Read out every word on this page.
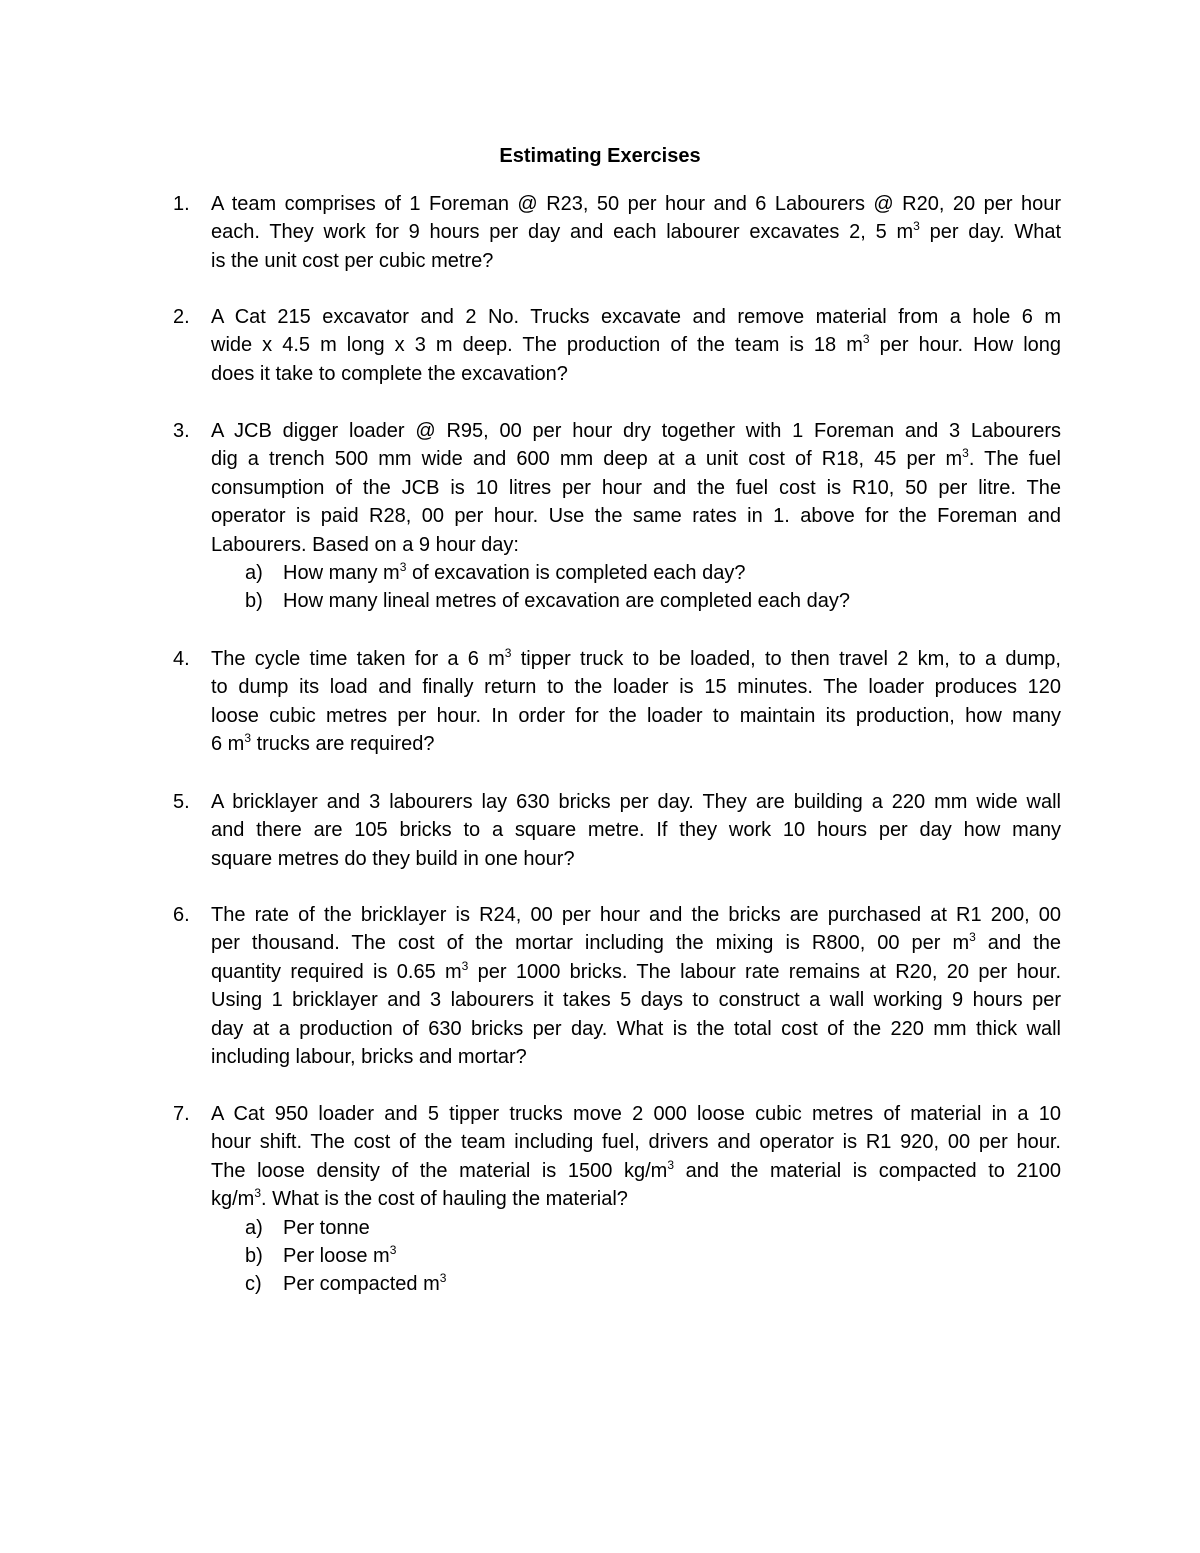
Estimating Exercises
1. A team comprises of 1 Foreman @ R23, 50 per hour and 6 Labourers @ R20, 20 per hour
each. They work for 9 hours per day and each labourer excavates 2, 5 $m^3$ per day. What
is the unit cost per cubic metre?
2. A Cat 215 excavator and 2 No. Trucks excavate and remove material from a hole 6 m
wide x 4.5 m long x 3 m deep. The production of the team is 18 $m^3$ per hour. How long
does it take to complete the excavation?
3. A JCB digger loader @ R95, 00 per hour dry together with 1 Foreman and 3 Labourers
dig a trench 500 mm wide and 600 mm deep at a unit cost of R18, 45 per $m^3$. The fuel
consumption of the JCB is 10 litres per hour and the fuel cost is R10, 50 per litre. The
operator is paid R28, 00 per hour. Use the same rates in 1. above for the Foreman and
Labourers. Based on a 9 hour day:
a) How many $m^3$ of excavation is completed each day?
b) How many lineal metres of excavation are completed each day?
4. The cycle time taken for a 6 $m^3$ tipper truck to be loaded, to then travel 2 km, to a dump,
to dump its load and finally return to the loader is 15 minutes. The loader produces 120
loose cubic metres per hour. In order for the loader to maintain its production, how many
6 $m^3$ trucks are required?
5. A bricklayer and 3 labourers lay 630 bricks per day. They are building a 220 mm wide wall
and there are 105 bricks to a square metre. If they work 10 hours per day how many
square metres do they build in one hour?
6. The rate of the bricklayer is R24, 00 per hour and the bricks are purchased at R1 200, 00
per thousand. The cost of the mortar including the mixing is R800, 00 per $m^3$ and the
quantity required is 0.65 $m^3$ per 1000 bricks. The labour rate remains at R20, 20 per hour.
Using 1 bricklayer and 3 labourers it takes 5 days to construct a wall working 9 hours per
day at a production of 630 bricks per day. What is the total cost of the 220 mm thick wall
including labour, bricks and mortar?
7. A Cat 950 loader and 5 tipper trucks move 2 000 loose cubic metres of material in a 10
hour shift. The cost of the team including fuel, drivers and operator is R1 920, 00 per hour.
The loose density of the material is 1500 $kg/m^3$ and the material is compacted to 2100
$kg/m^3$. What is the cost of hauling the material?
a) Per tonne
b) Per loose $m^3$
c) Per compacted $m^3$
